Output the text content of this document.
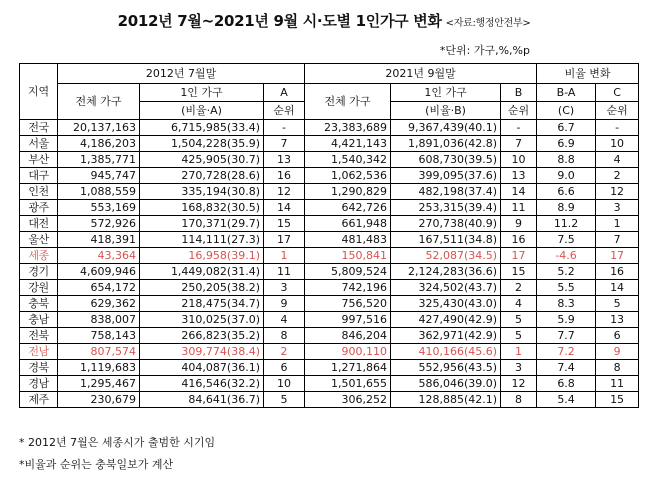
2012년 7월~2021년 9월 시·도별 1인가구 변화 <자료:행정안전부>
*단위: 가구,%,%p
지역	2012년 7월말			2021년 9월말			비율 변화	
	전체 가구	1인 가구	A	전체 가구	1인 가구	B	B-A	C
		(비율·A)	순위		(비율·B)	순위	(C)	순위
전국	20,137,163	6,715,985(33.4)	-	23,383,689	9,367,439(40.1)	-	6.7	-
서울	4,186,203	1,504,228(35.9)	7	4,421,143	1,891,036(42.8)	7	6.9	10
부산	1,385,771	425,905(30.7)	13	1,540,342	608,730(39.5)	10	8.8	4
대구	945,747	270,728(28.6)	16	1,062,536	399,095(37.6)	13	9.0	2
인천	1,088,559	335,194(30.8)	12	1,290,829	482,198(37.4)	14	6.6	12
광주	553,169	168,832(30.5)	14	642,726	253,315(39.4)	11	8.9	3
대전	572,926	170,371(29.7)	15	661,948	270,738(40.9)	9	11.2	1
울산	418,391	114,111(27.3)	17	481,483	167,511(34.8)	16	7.5	7
세종	43,364	16,958(39.1)	1	150,841	52,087(34.5)	17	-4.6	17
경기	4,609,946	1,449,082(31.4)	11	5,809,524	2,124,283(36.6)	15	5.2	16
강원	654,172	250,205(38.2)	3	742,196	324,502(43.7)	2	5.5	14
충북	629,362	218,475(34.7)	9	756,520	325,430(43.0)	4	8.3	5
충남	838,007	310,025(37.0)	4	997,516	427,490(42.9)	5	5.9	13
전북	758,143	266,823(35.2)	8	846,204	362,971(42.9)	5	7.7	6
전남	807,574	309,774(38.4)	2	900,110	410,166(45.6)	1	7.2	9
경북	1,119,683	404,087(36.1)	6	1,271,864	552,956(43.5)	3	7.4	8
경남	1,295,467	416,546(32.2)	10	1,501,655	586,046(39.0)	12	6.8	11
제주	230,679	84,641(36.7)	5	306,252	128,885(42.1)	8	5.4	15
* 2012년 7월은 세종시가 출범한 시기임
*비율과 순위는 충북일보가 계산
